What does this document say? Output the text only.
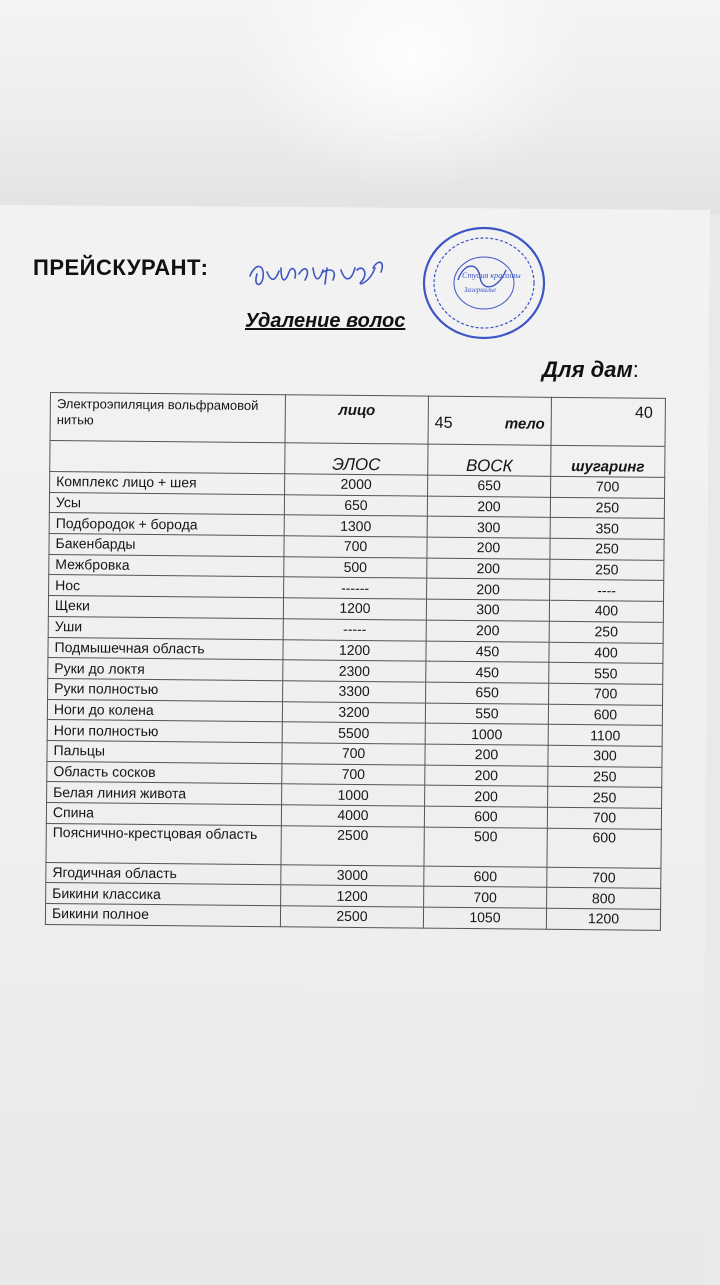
ПРЕЙСКУРАНТ:
директор
Студия красоты
Зазеркалье
Удаление волос
Для дам:
Электроэпиляция вольфрамовой нитью	лицо	45 тело	40
	ЭЛОС	ВОСК	шугаринг
Комплекс лицо + шея	2000	650	700
Усы	650	200	250
Подбородок + борода	1300	300	350
Бакенбарды	700	200	250
Межбровка	500	200	250
Нос	------	200	----
Щеки	1200	300	400
Уши	-----	200	250
Подмышечная область	1200	450	400
Руки до локтя	2300	450	550
Руки полностью	3300	650	700
Ноги до колена	3200	550	600
Ноги полностью	5500	1000	1100
Пальцы	700	200	300
Область сосков	700	200	250
Белая линия живота	1000	200	250
Спина	4000	600	700
Пояснично-крестцовая область	2500	500	600
Ягодичная область	3000	600	700
Бикини классика	1200	700	800
Бикини полное	2500	1050	1200
